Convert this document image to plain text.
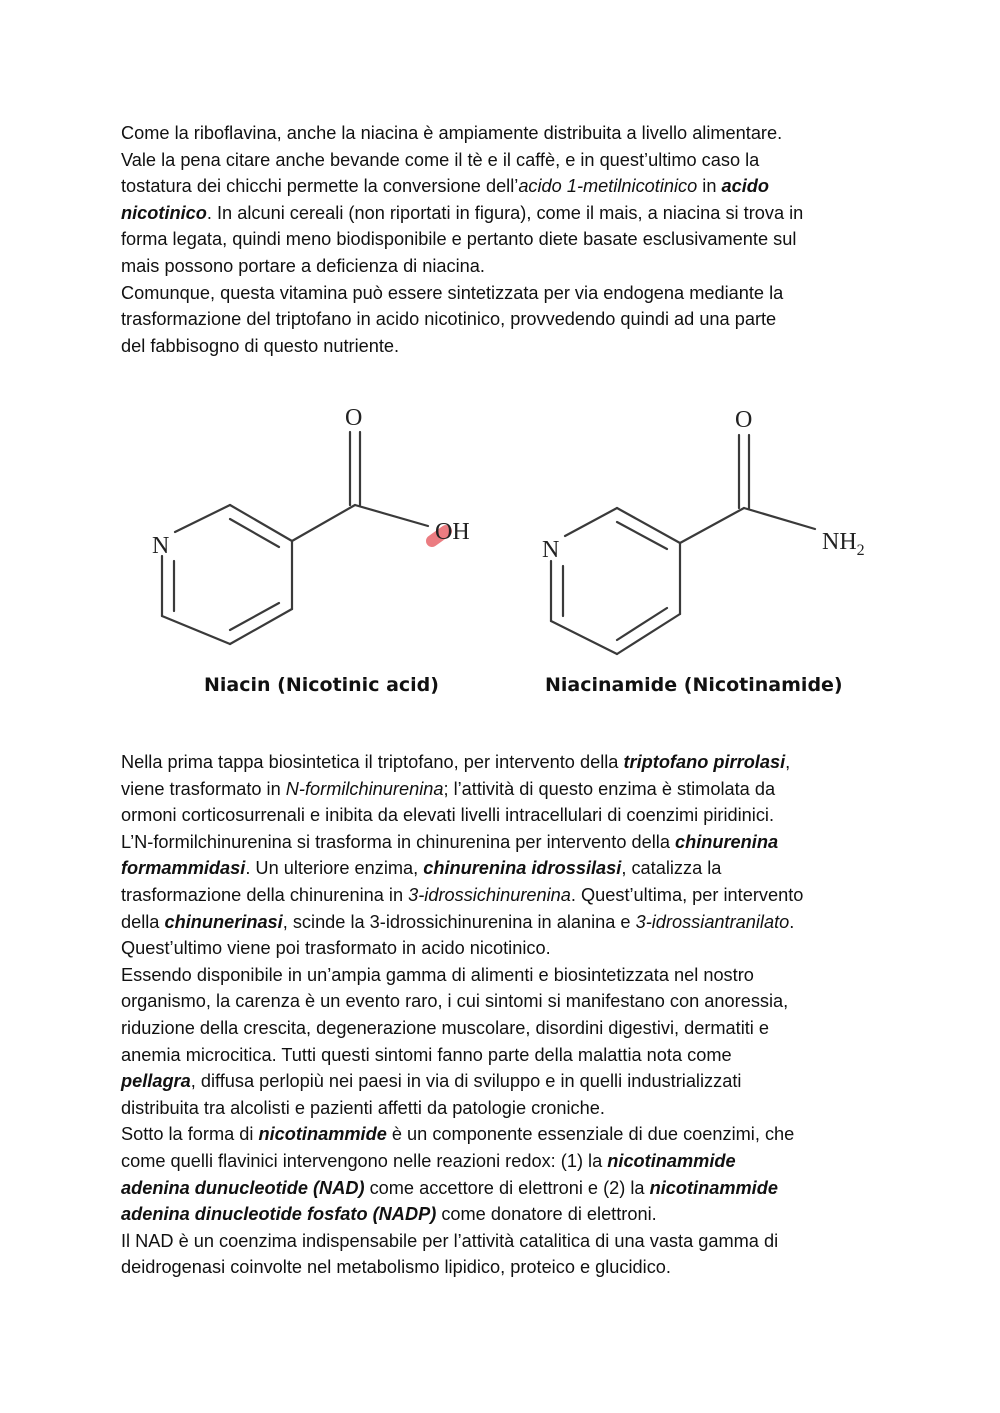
Come la riboflavina, anche la niacina è ampiamente distribuita a livello alimentare.
Vale la pena citare anche bevande come il tè e il caffè, e in quest’ultimo caso la
tostatura dei chicchi permette la conversione dell’acido 1-metilnicotinico in acido
nicotinico. In alcuni cereali (non riportati in figura), come il mais, a niacina si trova in
forma legata, quindi meno biodisponibile e pertanto diete basate esclusivamente sul
mais possono portare a deficienza di niacina.
Comunque, questa vitamina può essere sintetizzata per via endogena mediante la
trasformazione del triptofano in acido nicotinico, provvedendo quindi ad una parte
del fabbisogno di questo nutriente.
N
O
OH
N
O
$NH_2$
Niacin (Nicotinic acid)	Niacinamide (Nicotinamide)
Nella prima tappa biosintetica il triptofano, per intervento della triptofano pirrolasi,
viene trasformato in N-formilchinurenina; l’attività di questo enzima è stimolata da
ormoni corticosurrenali e inibita da elevati livelli intracellulari di coenzimi piridinici.
L’N-formilchinurenina si trasforma in chinurenina per intervento della chinurenina
formammidasi. Un ulteriore enzima, chinurenina idrossilasi, catalizza la
trasformazione della chinurenina in 3-idrossichinurenina. Quest’ultima, per intervento
della chinunerinasi, scinde la 3-idrossichinurenina in alanina e 3-idrossiantranilato.
Quest’ultimo viene poi trasformato in acido nicotinico.
Essendo disponibile in un’ampia gamma di alimenti e biosintetizzata nel nostro
organismo, la carenza è un evento raro, i cui sintomi si manifestano con anoressia,
riduzione della crescita, degenerazione muscolare, disordini digestivi, dermatiti e
anemia microcitica. Tutti questi sintomi fanno parte della malattia nota come
pellagra, diffusa perlopiù nei paesi in via di sviluppo e in quelli industrializzati
distribuita tra alcolisti e pazienti affetti da patologie croniche.
Sotto la forma di nicotinammide è un componente essenziale di due coenzimi, che
come quelli flavinici intervengono nelle reazioni redox: (1) la nicotinammide
adenina dunucleotide (NAD) come accettore di elettroni e (2) la nicotinammide
adenina dinucleotide fosfato (NADP) come donatore di elettroni.
Il NAD è un coenzima indispensabile per l’attività catalitica di una vasta gamma di
deidrogenasi coinvolte nel metabolismo lipidico, proteico e glucidico.
